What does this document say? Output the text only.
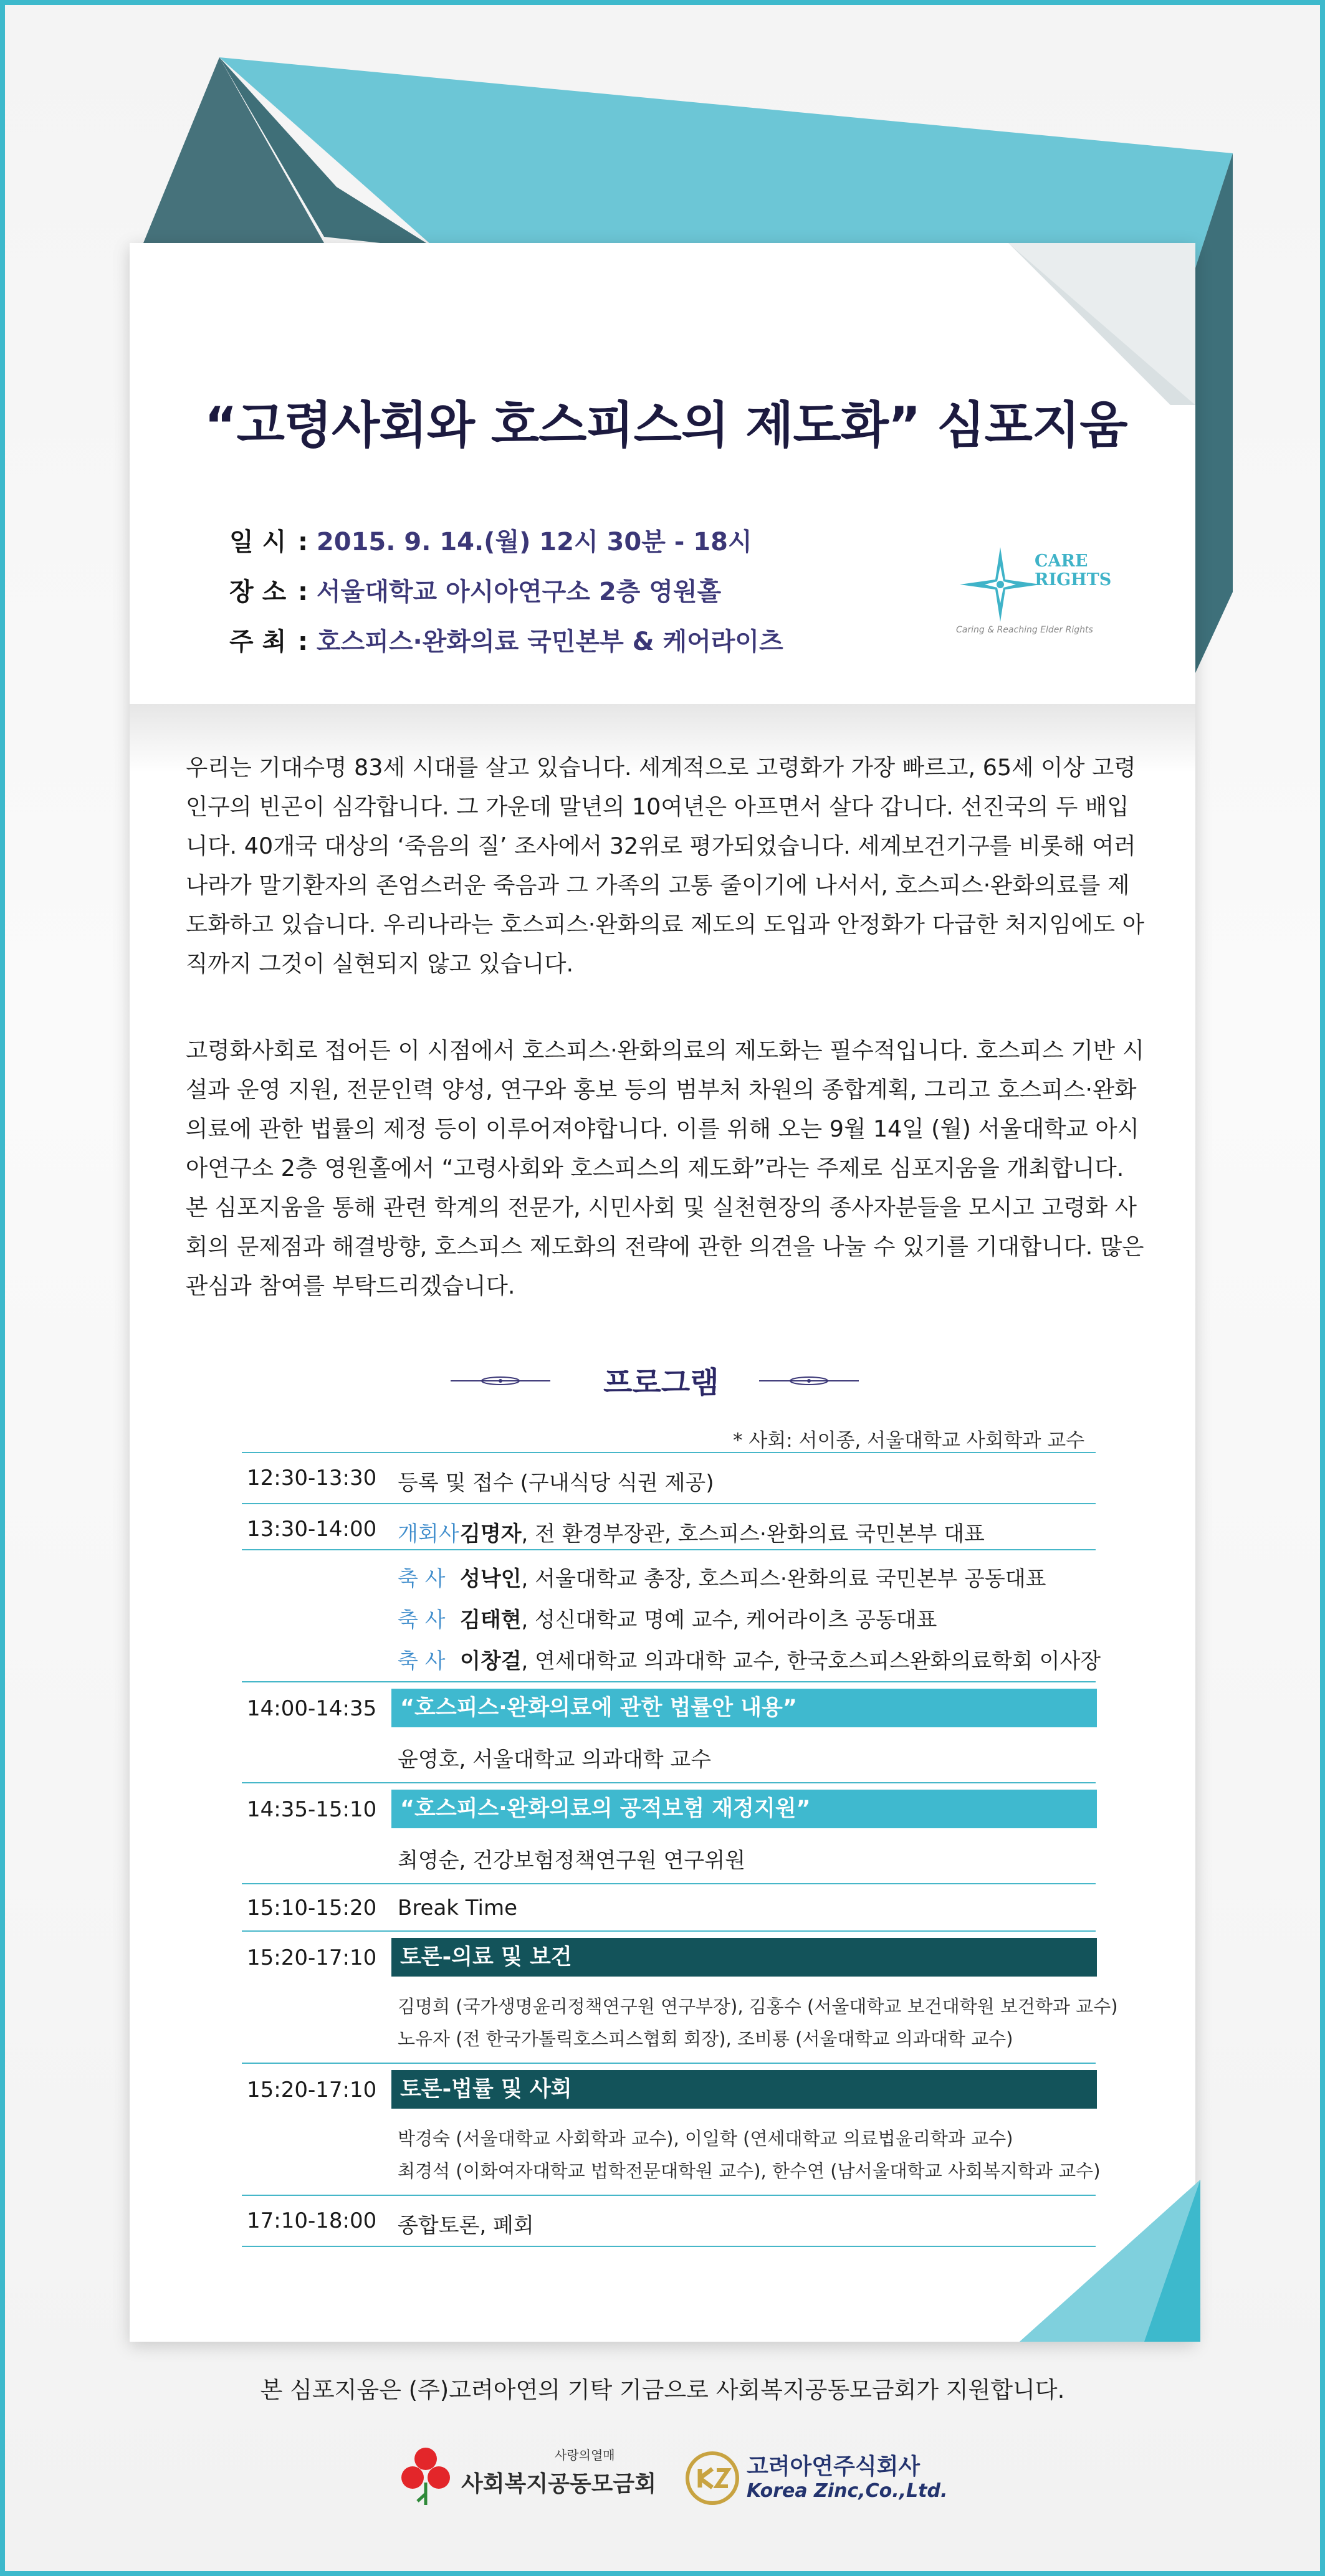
“고령사회와 호스피스의 제도화” 심포지움
일 시 : 2015. 9. 14.(월) 12시 30분 - 18시
장 소 : 서울대학교 아시아연구소 2층 영원홀
주 최 : 호스피스·완화의료 국민본부 & 케어라이츠
CARE
RIGHTS
Caring & Reaching Elder Rights
우리는 기대수명 83세 시대를 살고 있습니다. 세계적으로 고령화가 가장 빠르고, 65세 이상 고령 인구의 빈곤이 심각합니다. 그 가운데 말년의 10여년은 아프면서 살다 갑니다. 선진국의 두 배입니다. 40개국 대상의 ‘죽음의 질’ 조사에서 32위로 평가되었습니다. 세계보건기구를 비롯해 여러 나라가 말기환자의 존엄스러운 죽음과 그 가족의 고통 줄이기에 나서서, 호스피스·완화의료를 제도화하고 있습니다. 우리나라는 호스피스·완화의료 제도의 도입과 안정화가 다급한 처지임에도 아직까지 그것이 실현되지 않고 있습니다.
고령화사회로 접어든 이 시점에서 호스피스·완화의료의 제도화는 필수적입니다. 호스피스 기반 시설과 운영 지원, 전문인력 양성, 연구와 홍보 등의 범부처 차원의 종합계획, 그리고 호스피스·완화의료에 관한 법률의 제정 등이 이루어져야합니다. 이를 위해 오는 9월 14일 (월) 서울대학교 아시아연구소 2층 영원홀에서 “고령사회와 호스피스의 제도화”라는 주제로 심포지움을 개최합니다. 본 심포지움을 통해 관련 학계의 전문가, 시민사회 및 실천현장의 종사자분들을 모시고 고령화 사회의 문제점과 해결방향, 호스피스 제도화의 전략에 관한 의견을 나눌 수 있기를 기대합니다. 많은 관심과 참여를 부탁드리겠습니다.
프로그램
* 사회: 서이종, 서울대학교 사회학과 교수
12:30-13:30 등록 및 접수 (구내식당 식권 제공)
13:30-14:00 개회사김명자, 전 환경부장관, 호스피스·완화의료 국민본부 대표
축 사 성낙인, 서울대학교 총장, 호스피스·완화의료 국민본부 공동대표
축 사 김태현, 성신대학교 명예 교수, 케어라이츠 공동대표
축 사 이창걸, 연세대학교 의과대학 교수, 한국호스피스완화의료학회 이사장
14:00-14:35	“호스피스·완화의료에 관한 법률안 내용”
윤영호, 서울대학교 의과대학 교수
14:35-15:10	“호스피스·완화의료의 공적보험 재정지원”
최영순, 건강보험정책연구원 연구위원
15:10-15:20 Break Time
15:20-17:10	토론-의료 및 보건
김명희 (국가생명윤리정책연구원 연구부장), 김홍수 (서울대학교 보건대학원 보건학과 교수)
노유자 (전 한국가톨릭호스피스협회 회장), 조비룡 (서울대학교 의과대학 교수)
15:20-17:10	토론-법률 및 사회
박경숙 (서울대학교 사회학과 교수), 이일학 (연세대학교 의료법윤리학과 교수)
최경석 (이화여자대학교 법학전문대학원 교수), 한수연 (남서울대학교 사회복지학과 교수)
17:10-18:00 종합토론, 폐회
본 심포지움은 (주)고려아연의 기탁 기금으로 사회복지공동모금회가 지원합니다.
사랑의열매
사회복지공동모금회
고려아연주식회사
Korea Zinc,Co.,Ltd.
